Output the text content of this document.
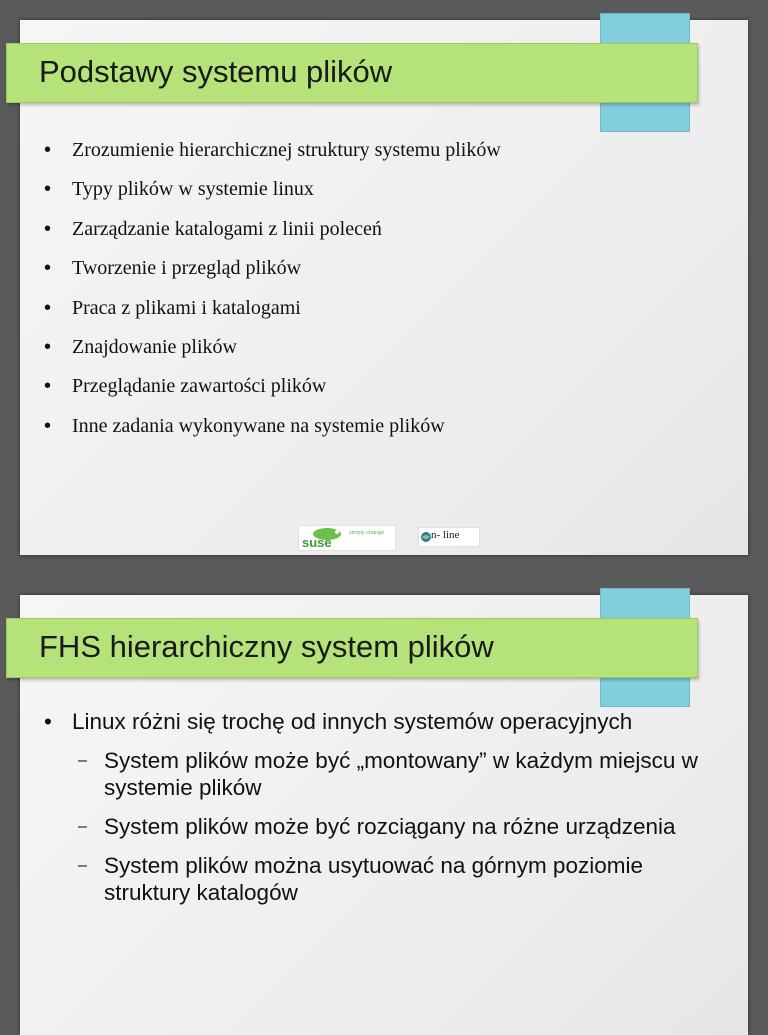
Podstawy systemu plików
• Zrozumienie hierarchicznej struktury systemu plików
• Typy plików w systemie linux
• Zarządzanie katalogami z linii poleceń
• Tworzenie i przegląd plików
• Praca z plikami i katalogami
• Znajdowanie plików
• Przeglądanie zawartości plików
• Inne zadania wykonywane na systemie plików
suse
simply change	n- line
FHS hierarchiczny system plików
• Linux różni się trochę od innych systemów operacyjnych
– System plików może być „montowany” w każdym miejscu w systemie plików
– System plików może być rozciągany na różne urządzenia
– System plików można usytuować na górnym poziomie struktury katalogów
